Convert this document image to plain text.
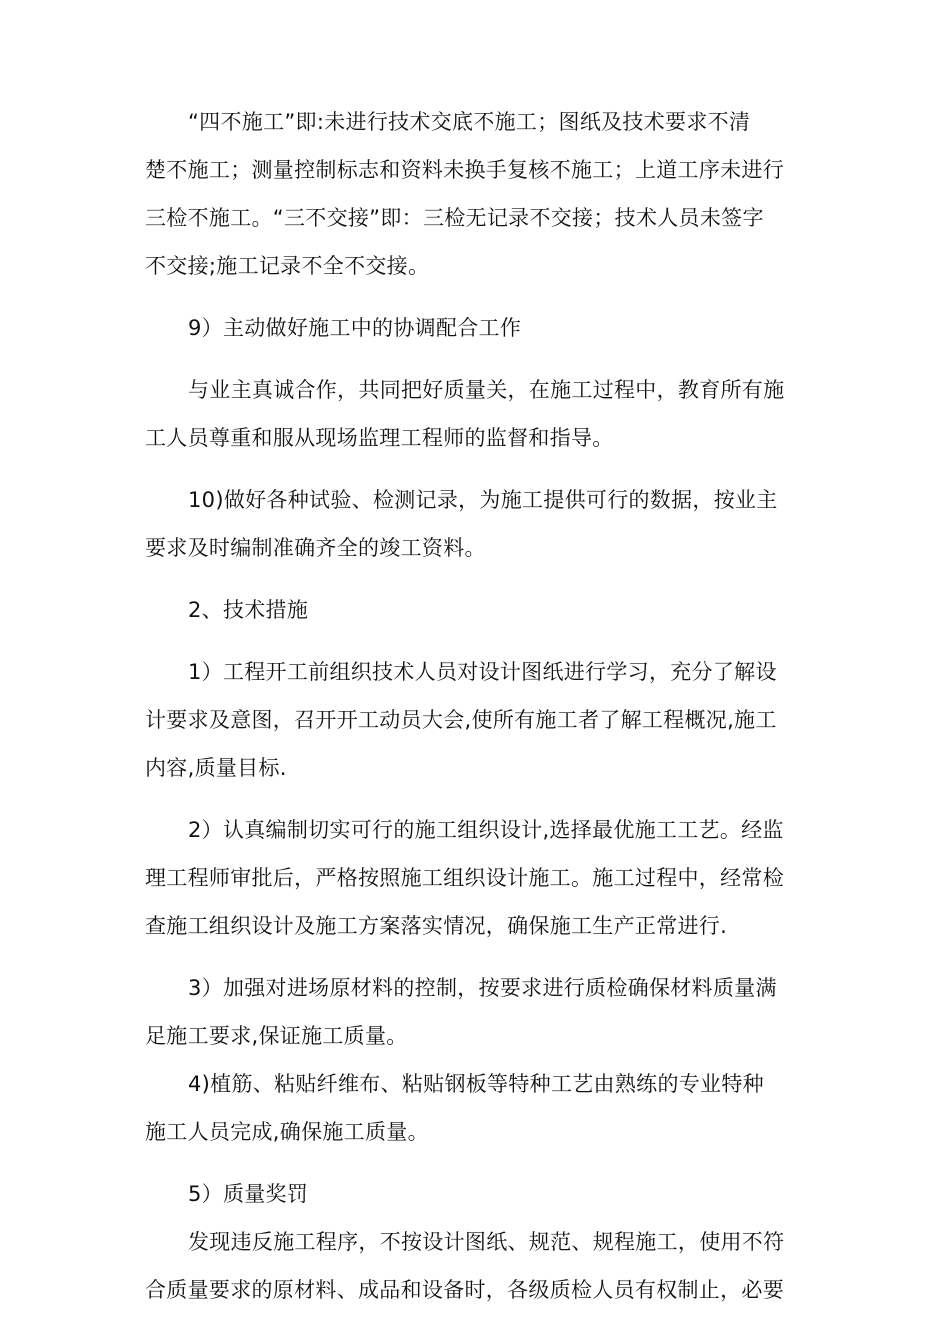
“四不施工”即:未进行技术交底不施工；图纸及技术要求不清
楚不施工；测量控制标志和资料未换手复核不施工；上道工序未进行
三检不施工。“三不交接”即：三检无记录不交接；技术人员未签字
不交接;施工记录不全不交接。

9）主动做好施工中的协调配合工作

与业主真诚合作，共同把好质量关，在施工过程中，教育所有施
工人员尊重和服从现场监理工程师的监督和指导。

10)做好各种试验、检测记录，为施工提供可行的数据，按业主
要求及时编制准确齐全的竣工资料。

2、技术措施

1）工程开工前组织技术人员对设计图纸进行学习，充分了解设
计要求及意图，召开开工动员大会,使所有施工者了解工程概况,施工
内容,质量目标.

2）认真编制切实可行的施工组织设计,选择最优施工工艺。经监
理工程师审批后，严格按照施工组织设计施工。施工过程中，经常检
查施工组织设计及施工方案落实情况，确保施工生产正常进行.

3）加强对进场原材料的控制，按要求进行质检确保材料质量满
足施工要求,保证施工质量。

4)植筋、粘贴纤维布、粘贴钢板等特种工艺由熟练的专业特种
施工人员完成,确保施工质量。

5）质量奖罚

发现违反施工程序，不按设计图纸、规范、规程施工，使用不符
合质量要求的原材料、成品和设备时，各级质检人员有权制止，必要
